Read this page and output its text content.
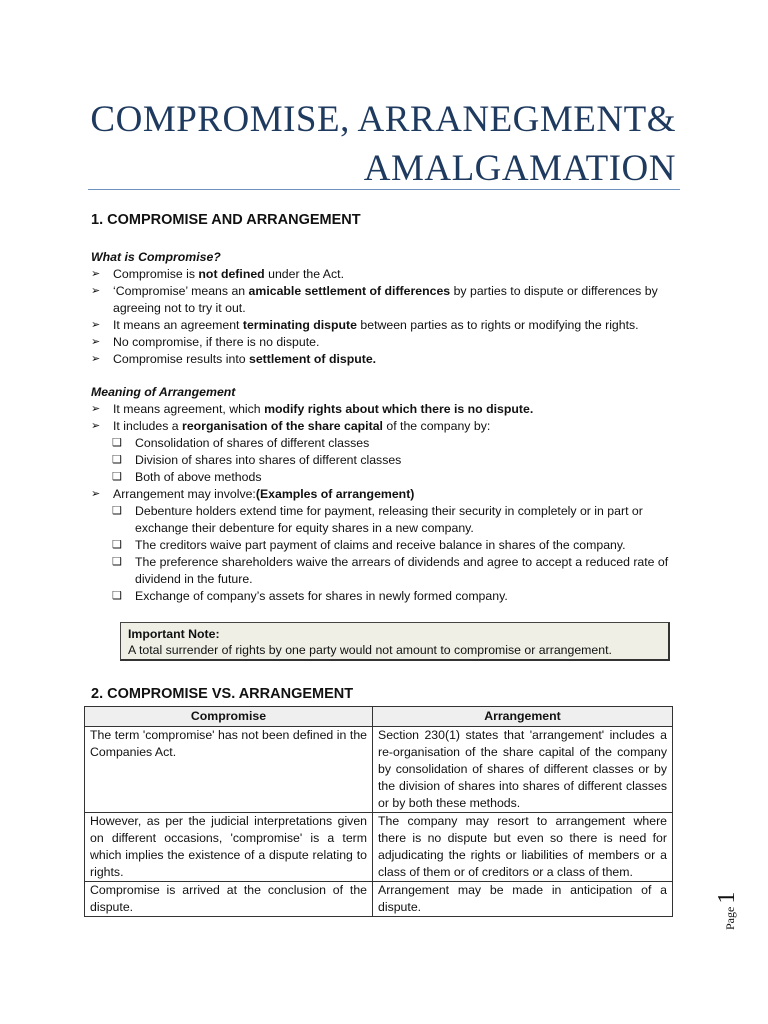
COMPROMISE, ARRANEGMENT&
AMALGAMATION
1. COMPROMISE AND ARRANGEMENT
What is Compromise?
➢ Compromise is not defined under the Act.
➢ ‘Compromise’ means an amicable settlement of differences by parties to dispute or differences by agreeing not to try it out.
➢ It means an agreement terminating dispute between parties as to rights or modifying the rights.
➢ No compromise, if there is no dispute.
➢ Compromise results into settlement of dispute.
Meaning of Arrangement
➢ It means agreement, which modify rights about which there is no dispute.
➢ It includes a reorganisation of the share capital of the company by:
❑ Consolidation of shares of different classes
❑ Division of shares into shares of different classes
❑ Both of above methods
➢ Arrangement may involve:(Examples of arrangement)
❑ Debenture holders extend time for payment, releasing their security in completely or in part or exchange their debenture for equity shares in a new company.
❑ The creditors waive part payment of claims and receive balance in shares of the company.
❑ The preference shareholders waive the arrears of dividends and agree to accept a reduced rate of dividend in the future.
❑ Exchange of company’s assets for shares in newly formed company.
Important Note:
A total surrender of rights by one party would not amount to compromise or arrangement.
2. COMPROMISE VS. ARRANGEMENT
Compromise	Arrangement
The term 'compromise' has not been defined in the Companies Act.	Section 230(1) states that 'arrangement' includes a re-organisation of the share capital of the company by consolidation of shares of different classes or by the division of shares into shares of different classes or by both these methods.
However, as per the judicial interpretations given on different occasions, 'compromise' is a term which implies the existence of a dispute relating to rights.	The company may resort to arrangement where there is no dispute but even so there is need for adjudicating the rights or liabilities of members or a class of them or of creditors or a class of them.
Compromise is arrived at the conclusion of the dispute.	Arrangement may be made in anticipation of a dispute.	Page 1
